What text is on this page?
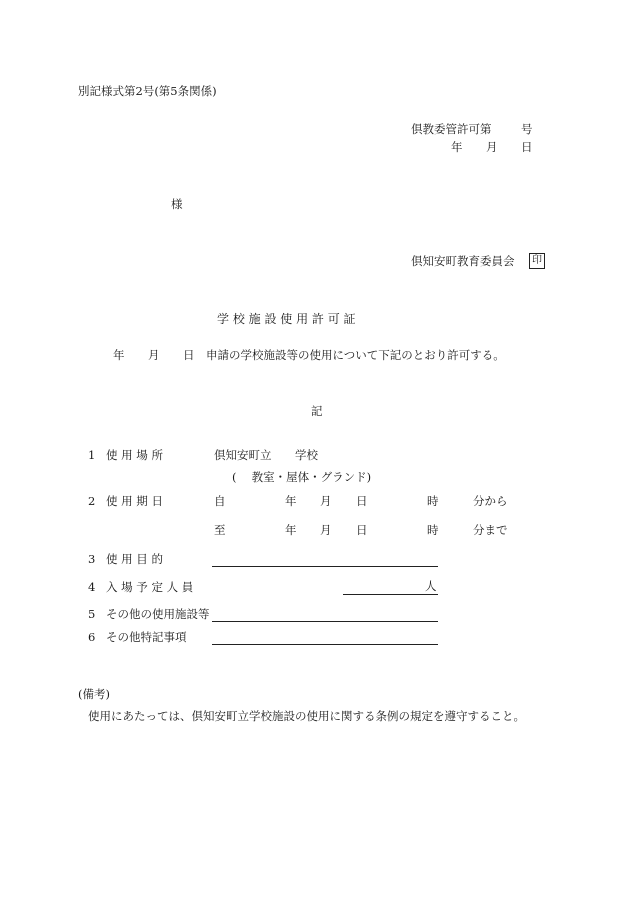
別記様式第2号(第5条関係)
倶教委管許可第	号
年 月 日
様
倶知安町教育委員会	印
学 校 施 設 使 用 許 可 証
年 月 日 申請の学校施設等の使用について下記のとおり許可する。
記
1 使 用 場 所	倶知安町立 学校
(　 教室・屋体・グランド)
2 使 用 期 日	自	年 月 日	時	分から
至	年 月 日	時	分まで
3 使 用 目 的
4 入 場 予 定 人 員	人
5 その他の使用施設等
6 その他特記事項
(備考)
使用にあたっては、倶知安町立学校施設の使用に関する条例の規定を遵守すること。
